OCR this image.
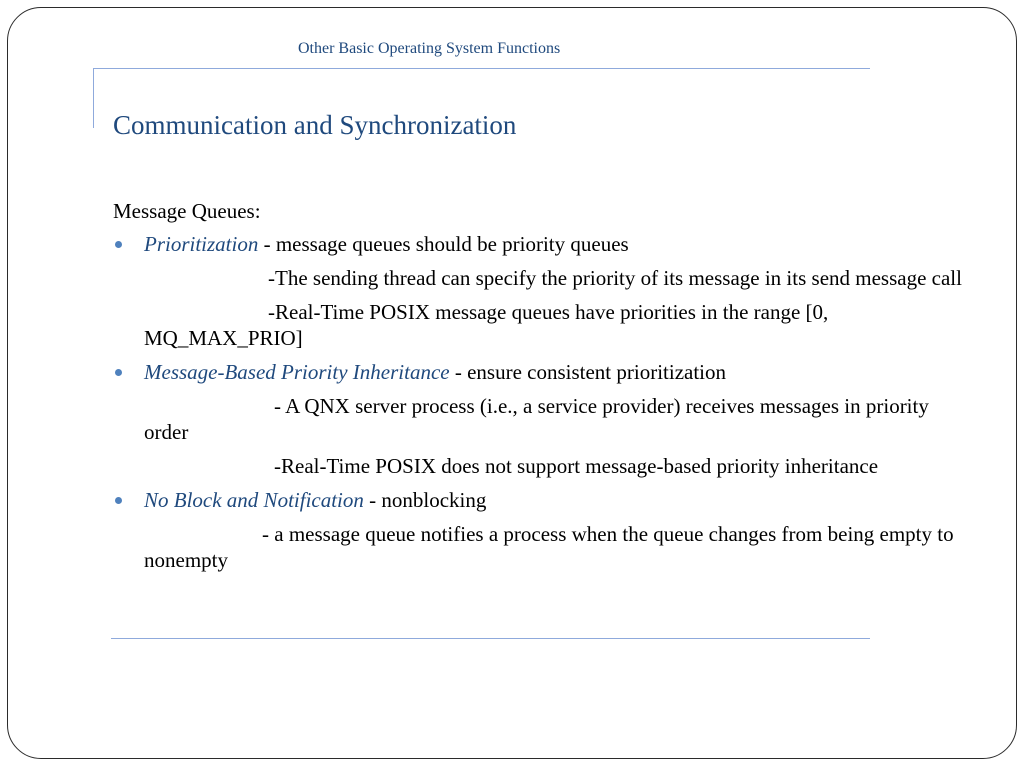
Other Basic Operating System Functions
Communication and Synchronization

Message Queues:

Prioritization - message queues should be priority queues

-The sending thread can specify the priority of its message in its send message call

-Real-Time POSIX message queues have priorities in the range [0, MQ_MAX_PRIO]

Message-Based Priority Inheritance - ensure consistent prioritization

- A QNX server process (i.e., a service provider) receives messages in priority order

-Real-Time POSIX does not support message-based priority inheritance

No Block and Notification - nonblocking

- a message queue notifies a process when the queue changes from being empty to nonempty
